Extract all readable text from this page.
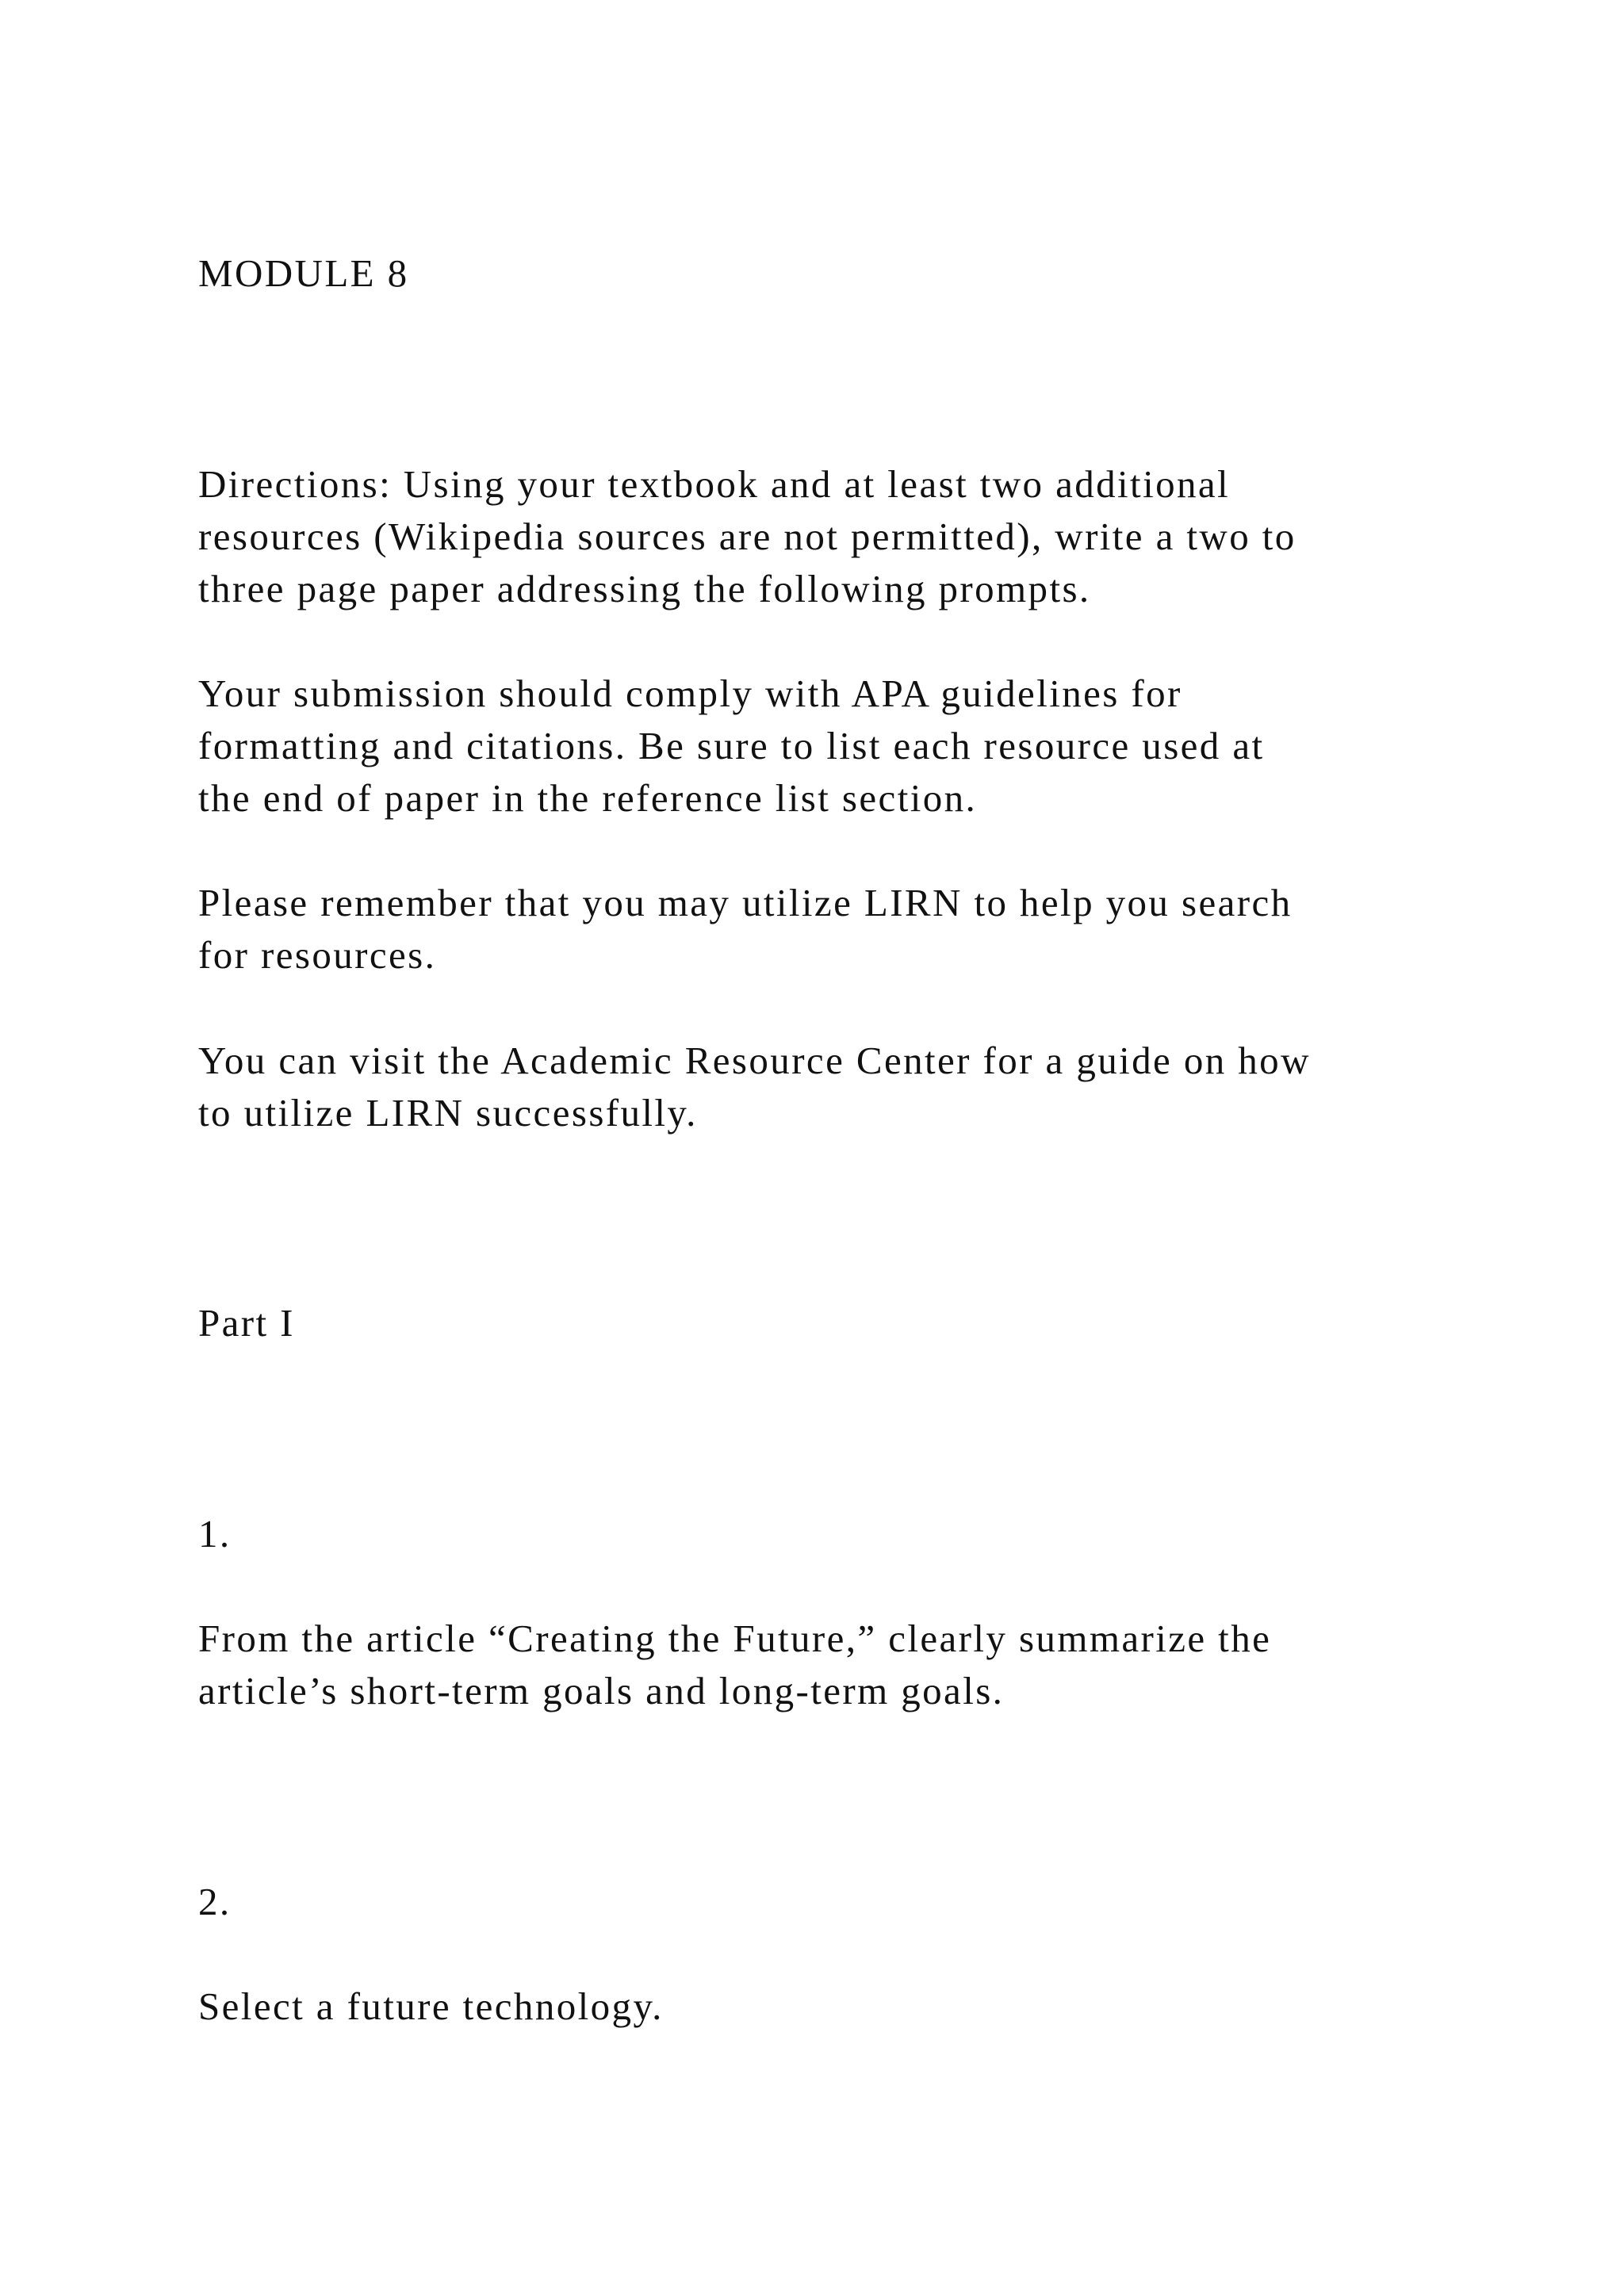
MODULE 8

Directions: Using your textbook and at least two additional

resources (Wikipedia sources are not permitted), write a two to

three page paper addressing the following prompts.

Your submission should comply with APA guidelines for

formatting and citations. Be sure to list each resource used at

the end of paper in the reference list section.

Please remember that you may utilize LIRN to help you search

for resources.

You can visit the Academic Resource Center for a guide on how

to utilize LIRN successfully.

Part I

1.

From the article “Creating the Future,” clearly summarize the

article’s short-term goals and long-term goals.

2.

Select a future technology.
